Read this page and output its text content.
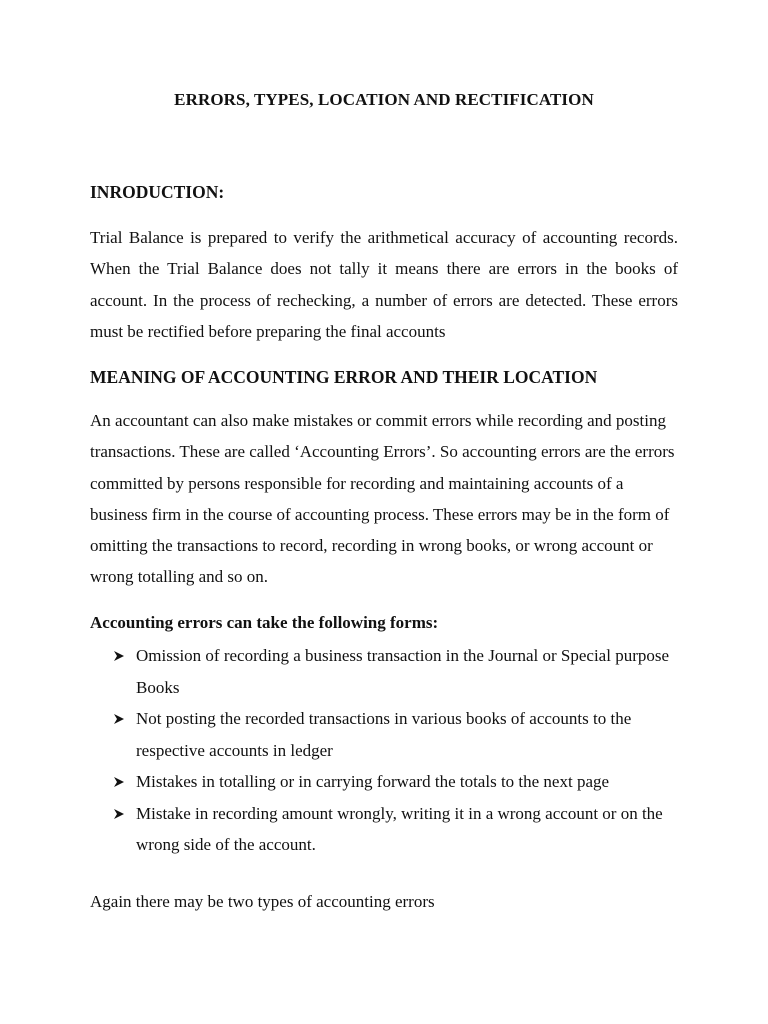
ERRORS, TYPES, LOCATION AND RECTIFICATION
INRODUCTION:

Trial Balance is prepared to verify the arithmetical accuracy of accounting records. When the Trial Balance does not tally it means there are errors in the books of account. In the process of rechecking, a number of errors are detected. These errors must be rectified before preparing the final accounts

MEANING OF ACCOUNTING ERROR AND THEIR LOCATION

An accountant can also make mistakes or commit errors while recording and posting transactions. These are called ‘Accounting Errors’. So accounting errors are the errors committed by persons responsible for recording and maintaining accounts of a business firm in the course of accounting process. These errors may be in the form of omitting the transactions to record, recording in wrong books, or wrong account or wrong totalling and so on.

Accounting errors can take the following forms:
Omission of recording a business transaction in the Journal or Special purpose Books
Not posting the recorded transactions in various books of accounts to the respective accounts in ledger
Mistakes in totalling or in carrying forward the totals to the next page
Mistake in recording amount wrongly, writing it in a wrong account or on the wrong side of the account.
Again there may be two types of accounting errors
